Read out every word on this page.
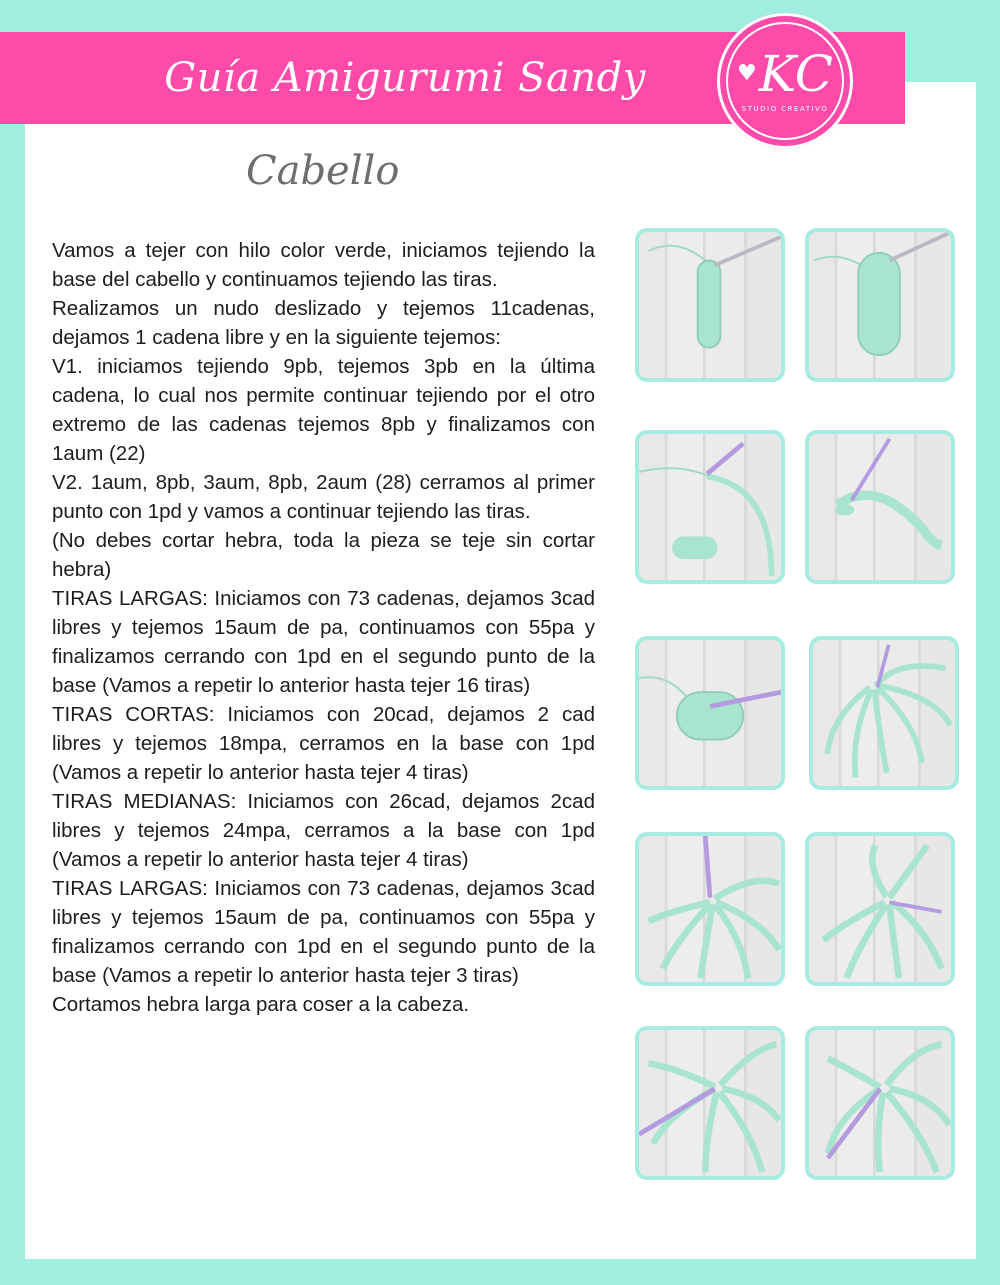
Guía Amigurumi Sandy	♥ KC
STUDIO CREATIVO
Cabello

Vamos a tejer con hilo color verde, iniciamos tejiendo la base del cabello y continuamos tejiendo las tiras.

Realizamos un nudo deslizado y tejemos 11cadenas, dejamos 1 cadena libre y en la siguiente tejemos:

V1. iniciamos tejiendo 9pb, tejemos 3pb en la última cadena, lo cual nos permite continuar tejiendo por el otro extremo de las cadenas tejemos 8pb y finalizamos con 1aum (22)

V2. 1aum, 8pb, 3aum, 8pb, 2aum (28) cerramos al primer punto con 1pd y vamos a continuar tejiendo las tiras.

(No debes cortar hebra, toda la pieza se teje sin cortar hebra)

TIRAS LARGAS: Iniciamos con 73 cadenas, dejamos 3cad libres y tejemos 15aum de pa, continuamos con 55pa y finalizamos cerrando con 1pd en el segundo punto de la base (Vamos a repetir lo anterior hasta tejer 16 tiras)

TIRAS CORTAS: Iniciamos con 20cad, dejamos 2 cad libres y tejemos 18mpa, cerramos en la base con 1pd (Vamos a repetir lo anterior hasta tejer 4 tiras)

TIRAS MEDIANAS: Iniciamos con 26cad, dejamos 2cad libres y tejemos 24mpa, cerramos a la base con 1pd (Vamos a repetir lo anterior hasta tejer 4 tiras)

TIRAS LARGAS: Iniciamos con 73 cadenas, dejamos 3cad libres y tejemos 15aum de pa, continuamos con 55pa y finalizamos cerrando con 1pd en el segundo punto de la base (Vamos a repetir lo anterior hasta tejer 3 tiras)

Cortamos hebra larga para coser a la cabeza.
